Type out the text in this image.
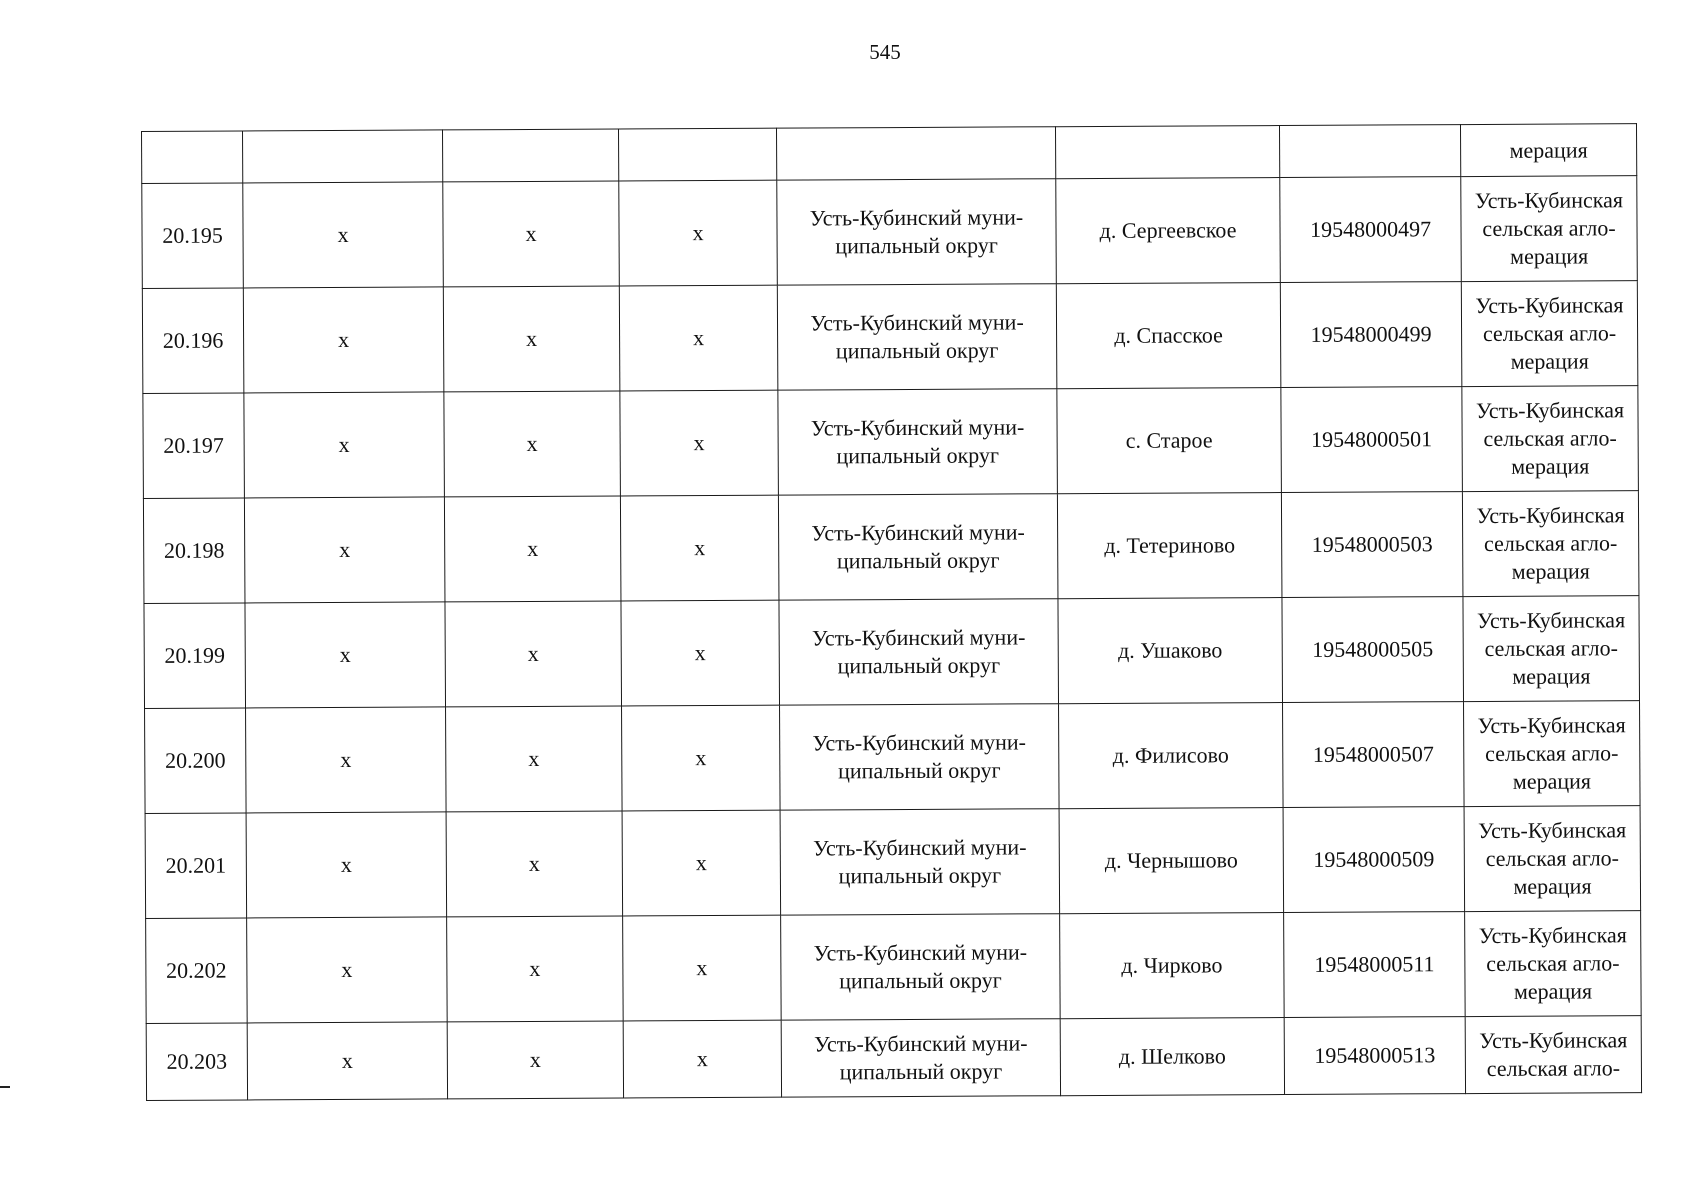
545
							мерация
20.195	х	х	х	Усть-Кубинский муни-
ципальный округ	д. Сергеевское	19548000497	Усть-Кубинская
сельская агло-
мерация
20.196	х	х	х	Усть-Кубинский муни-
ципальный округ	д. Спасское	19548000499	Усть-Кубинская
сельская агло-
мерация
20.197	х	х	х	Усть-Кубинский муни-
ципальный округ	с. Старое	19548000501	Усть-Кубинская
сельская агло-
мерация
20.198	х	х	х	Усть-Кубинский муни-
ципальный округ	д. Тетериново	19548000503	Усть-Кубинская
сельская агло-
мерация
20.199	х	х	х	Усть-Кубинский муни-
ципальный округ	д. Ушаково	19548000505	Усть-Кубинская
сельская агло-
мерация
20.200	х	х	х	Усть-Кубинский муни-
ципальный округ	д. Филисово	19548000507	Усть-Кубинская
сельская агло-
мерация
20.201	х	х	х	Усть-Кубинский муни-
ципальный округ	д. Чернышово	19548000509	Усть-Кубинская
сельская агло-
мерация
20.202	х	х	х	Усть-Кубинский муни-
ципальный округ	д. Чирково	19548000511	Усть-Кубинская
сельская агло-
мерация
20.203	х	х	х	Усть-Кубинский муни-
ципальный округ	д. Шелково	19548000513	Усть-Кубинская
сельская агло-
